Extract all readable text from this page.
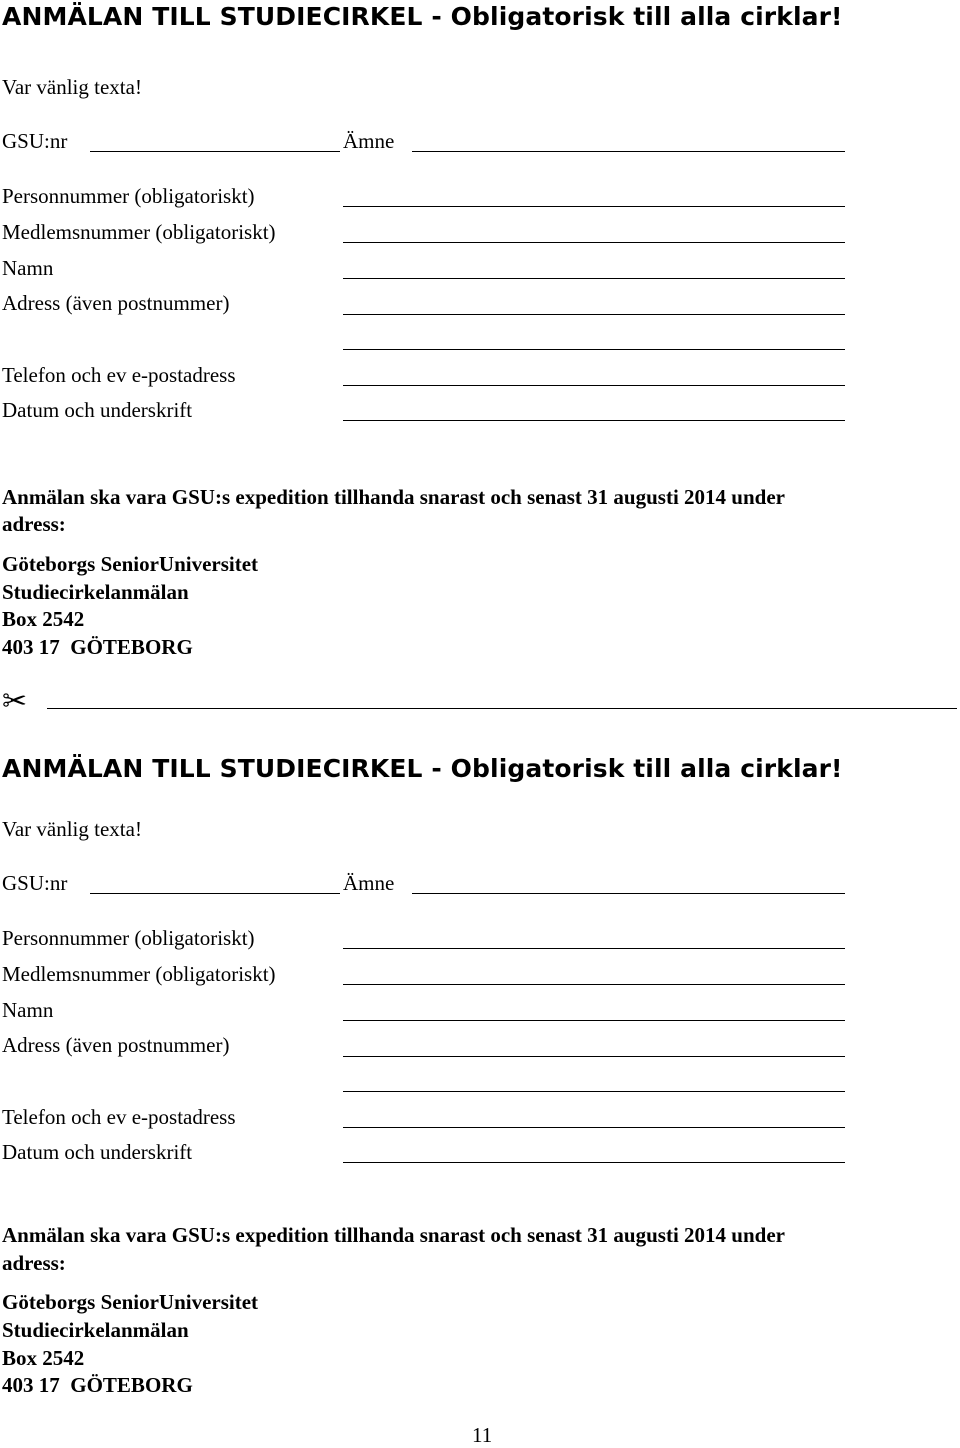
ANMÄLAN TILL STUDIECIRKEL - Obligatorisk till alla cirklar!
Var vänlig texta!
GSU:nr	Ämne
Personnummer (obligatoriskt)
Medlemsnummer (obligatoriskt)
Namn
Adress (även postnummer)
Telefon och ev e-postadress
Datum och underskrift
Anmälan ska vara GSU:s expedition tillhanda snarast och senast 31 augusti 2014 under
adress:
Göteborgs SeniorUniversitet
Studiecirkelanmälan
Box 2542
403 17  GÖTEBORG
✂
ANMÄLAN TILL STUDIECIRKEL - Obligatorisk till alla cirklar!
Var vänlig texta!
GSU:nr	Ämne
Personnummer (obligatoriskt)
Medlemsnummer (obligatoriskt)
Namn
Adress (även postnummer)
Telefon och ev e-postadress
Datum och underskrift
Anmälan ska vara GSU:s expedition tillhanda snarast och senast 31 augusti 2014 under
adress:
Göteborgs SeniorUniversitet
Studiecirkelanmälan
Box 2542
403 17  GÖTEBORG
11
